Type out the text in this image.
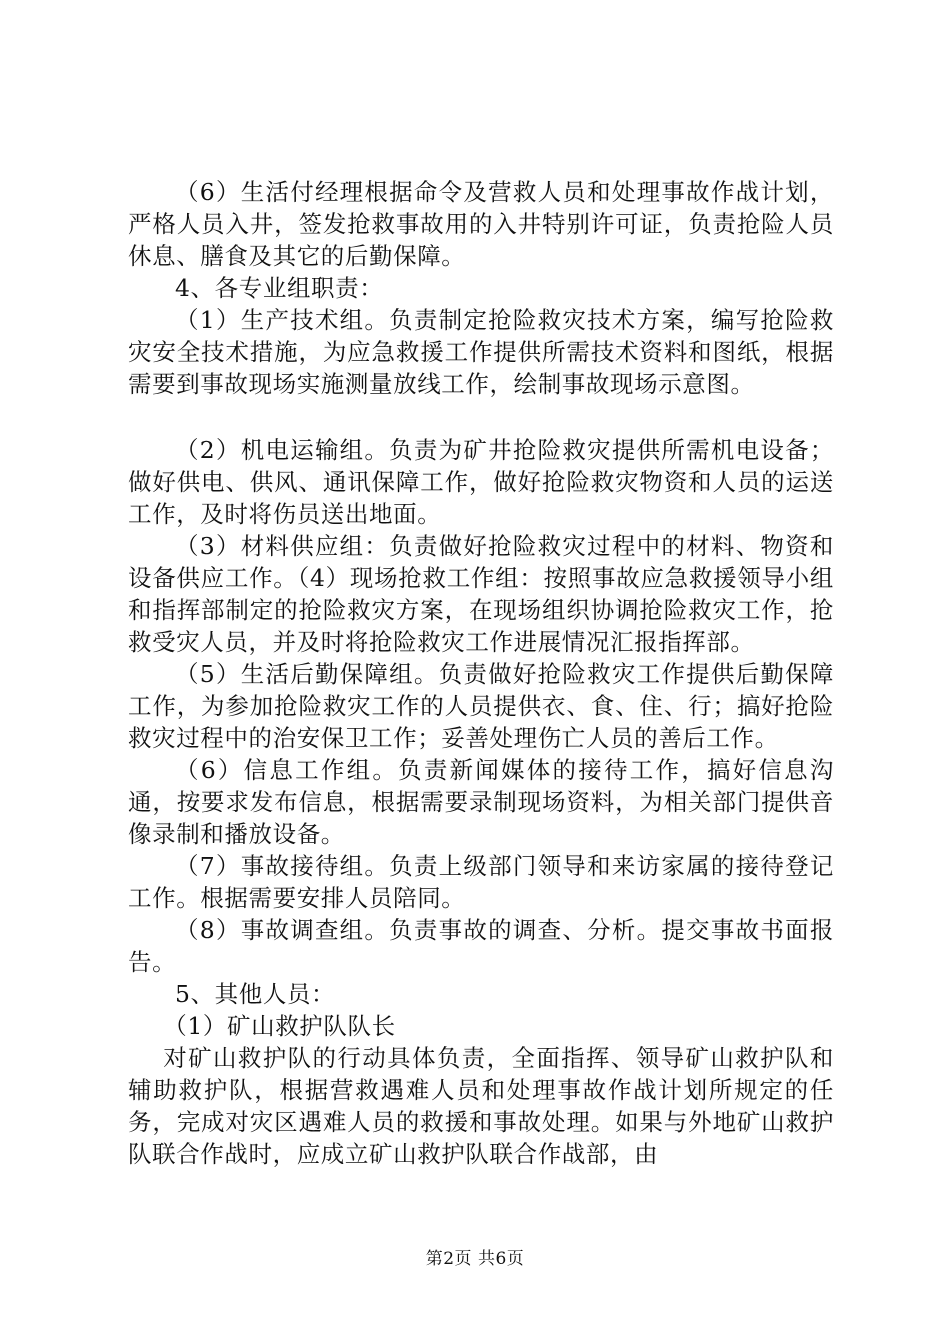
（6）生活付经理根据命令及营救人员和处理事故作战计划，严格人员入井，签发抢救事故用的入井特别许可证，负责抢险人员休息、膳食及其它的后勤保障。

4、各专业组职责：

（1）生产技术组。负责制定抢险救灾技术方案，编写抢险救灾安全技术措施，为应急救援工作提供所需技术资料和图纸，根据需要到事故现场实施测量放线工作，绘制事故现场示意图。

（2）机电运输组。负责为矿井抢险救灾提供所需机电设备；做好供电、供风、通讯保障工作，做好抢险救灾物资和人员的运送工作，及时将伤员送出地面。

（3）材料供应组：负责做好抢险救灾过程中的材料、物资和设备供应工作。（4）现场抢救工作组：按照事故应急救援领导小组和指挥部制定的抢险救灾方案，在现场组织协调抢险救灾工作，抢救受灾人员，并及时将抢险救灾工作进展情况汇报指挥部。

（5）生活后勤保障组。负责做好抢险救灾工作提供后勤保障工作，为参加抢险救灾工作的人员提供衣、食、住、行；搞好抢险救灾过程中的治安保卫工作；妥善处理伤亡人员的善后工作。

（6）信息工作组。负责新闻媒体的接待工作，搞好信息沟通，按要求发布信息，根据需要录制现场资料，为相关部门提供音像录制和播放设备。

（7）事故接待组。负责上级部门领导和来访家属的接待登记工作。根据需要安排人员陪同。

（8）事故调查组。负责事故的调查、分析。提交事故书面报告。

5、其他人员：

（1）矿山救护队队长

对矿山救护队的行动具体负责，全面指挥、领导矿山救护队和辅助救护队，根据营救遇难人员和处理事故作战计划所规定的任务，完成对灾区遇难人员的救援和事故处理。如果与外地矿山救护队联合作战时，应成立矿山救护队联合作战部，由

第2页 共6页
